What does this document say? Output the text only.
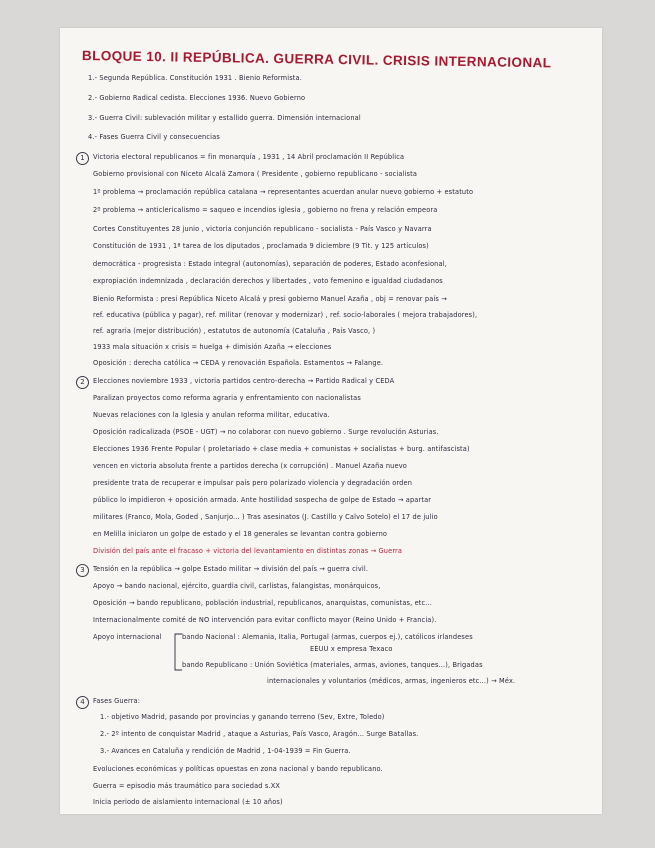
BLOQUE 10. II REPÚBLICA. GUERRA CIVIL. CRISIS INTERNACIONAL
1.- Segunda República. Constitución 1931 . Bienio Reformista.
2.- Gobierno Radical cedista. Elecciones 1936. Nuevo Gobierno
3.- Guerra Civil: sublevación militar y estallido guerra. Dimensión internacional
4.- Fases Guerra Civil y consecuencias
1	Victoria electoral republicanos = fin monarquía , 1931 , 14 Abril proclamación II República
Gobierno provisional con Niceto Alcalá Zamora ( Presidente , gobierno republicano - socialista
1º problema → proclamación república catalana → representantes acuerdan anular nuevo gobierno + estatuto
2º problema → anticlericalismo = saqueo e incendios iglesia , gobierno no frena y relación empeora
Cortes Constituyentes 28 junio , victoria conjunción republicano - socialista - País Vasco y Navarra
Constitución de 1931 , 1ª tarea de los diputados , proclamada 9 diciembre (9 Tit. y 125 artículos)
democrática - progresista : Estado integral (autonomías), separación de poderes, Estado aconfesional,
expropiación indemnizada , declaración derechos y libertades , voto femenino e igualdad ciudadanos
Bienio Reformista : presi República Niceto Alcalá y presi gobierno Manuel Azaña , obj = renovar país →
ref. educativa (pública y pagar), ref. militar (renovar y modernizar) , ref. socio-laborales ( mejora trabajadores),
ref. agraria (mejor distribución) , estatutos de autonomía (Cataluña , País Vasco, )
1933 mala situación x crisis = huelga + dimisión Azaña → elecciones
Oposición : derecha católica → CEDA y renovación Española. Estamentos → Falange.
2	Elecciones noviembre 1933 , victoria partidos centro-derecha → Partido Radical y CEDA
Paralizan proyectos como reforma agraria y enfrentamiento con nacionalistas
Nuevas relaciones con la Iglesia y anulan reforma militar, educativa.
Oposición radicalizada (PSOE - UGT) → no colaborar con nuevo gobierno . Surge revolución Asturias.
Elecciones 1936 Frente Popular ( proletariado + clase media + comunistas + socialistas + burg. antifascista)
vencen en victoria absoluta frente a partidos derecha (x corrupción) . Manuel Azaña nuevo
presidente trata de recuperar e impulsar país pero polarizado violencia y degradación orden
público lo impidieron + oposición armada. Ante hostilidad sospecha de golpe de Estado → apartar
militares (Franco, Mola, Goded , Sanjurjo... ) Tras asesinatos (J. Castillo y Calvo Sotelo) el 17 de julio
en Melilla iniciaron un golpe de estado y el 18 generales se levantan contra gobierno
División del país ante el fracaso + victoria del levantamiento en distintas zonas → Guerra
3	Tensión en la república → golpe Estado militar → división del país → guerra civil.
Apoyo → bando nacional, ejército, guardia civil, carlistas, falangistas, monárquicos,
Oposición → bando republicano, población industrial, republicanos, anarquistas, comunistas, etc...
Internacionalmente comité de NO intervención para evitar conflicto mayor (Reino Unido + Francia).
Apoyo internacional	bando Nacional : Alemania, Italia, Portugal (armas, cuerpos ej.), católicos irlandeses
EEUU x empresa Texaco
bando Republicano : Unión Soviética (materiales, armas, aviones, tanques...), Brigadas
internacionales y voluntarios (médicos, armas, ingenieros etc...) → Méx.
4	Fases Guerra:
1.- objetivo Madrid, pasando por provincias y ganando terreno (Sev, Extre, Toledo)
2.- 2º intento de conquistar Madrid , ataque a Asturias, País Vasco, Aragón... Surge Batallas.
3.- Avances en Cataluña y rendición de Madrid , 1-04-1939 = Fin Guerra.
Evoluciones económicas y políticas opuestas en zona nacional y bando republicano.
Guerra = episodio más traumático para sociedad s.XX
Inicia periodo de aislamiento internacional (± 10 años)
